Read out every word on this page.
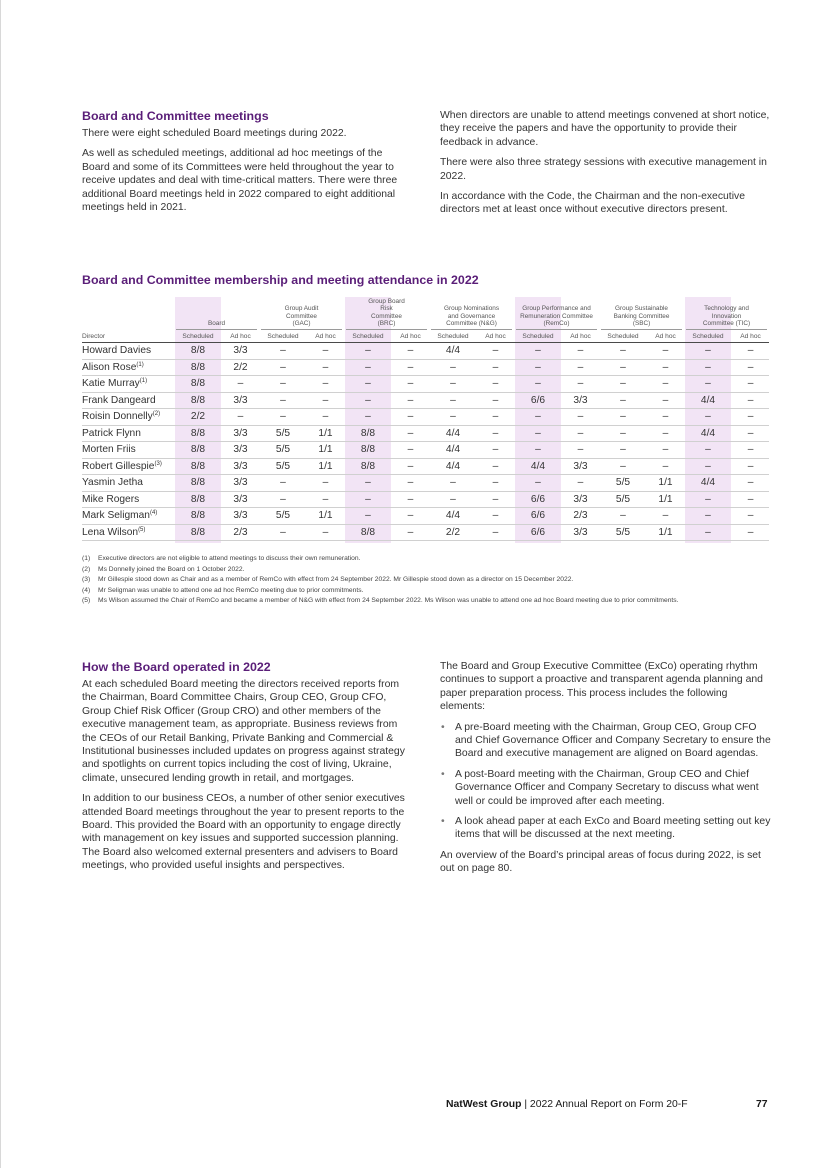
Board and Committee meetings

There were eight scheduled Board meetings during 2022.

As well as scheduled meetings, additional ad hoc meetings of the Board and some of its Committees were held throughout the year to receive updates and deal with time-critical matters. There were three additional Board meetings held in 2022 compared to eight additional meetings held in 2021.

When directors are unable to attend meetings convened at short notice, they receive the papers and have the opportunity to provide their feedback in advance.

There were also three strategy sessions with executive management in 2022.

In accordance with the Code, the Chairman and the non-executive directors met at least once without executive directors present.

Board and Committee membership and meeting attendance in 2022

	Board		Group Audit Committee (GAC)		Group Board Risk Committee (BRC)		Group Nominations and Governance Committee (N&G)		Group Performance and Remuneration Committee (RemCo)		Group Sustainable Banking Committee (SBC)		Technology and Innovation Committee (TIC)	

Director	Scheduled	Ad hoc	Scheduled	Ad hoc	Scheduled	Ad hoc	Scheduled	Ad hoc	Scheduled	Ad hoc	Scheduled	Ad hoc	Scheduled	Ad hoc
Howard Davies	8/8	3/3	–	–	–	–	4/4	–	–	–	–	–	–	–
Alison Rose$^{(1)}$	8/8	2/2	–	–	–	–	–	–	–	–	–	–	–	–
Katie Murray$^{(1)}$	8/8	–	–	–	–	–	–	–	–	–	–	–	–	–
Frank Dangeard	8/8	3/3	–	–	–	–	–	–	6/6	3/3	–	–	4/4	–
Roisin Donnelly$^{(2)}$	2/2	–	–	–	–	–	–	–	–	–	–	–	–	–
Patrick Flynn	8/8	3/3	5/5	1/1	8/8	–	4/4	–	–	–	–	–	4/4	–
Morten Friis	8/8	3/3	5/5	1/1	8/8	–	4/4	–	–	–	–	–	–	–
Robert Gillespie$^{(3)}$	8/8	3/3	5/5	1/1	8/8	–	4/4	–	4/4	3/3	–	–	–	–
Yasmin Jetha	8/8	3/3	–	–	–	–	–	–	–	–	5/5	1/1	4/4	–
Mike Rogers	8/8	3/3	–	–	–	–	–	–	6/6	3/3	5/5	1/1	–	–
Mark Seligman$^{(4)}$	8/8	3/3	5/5	1/1	–	–	4/4	–	6/6	2/3	–	–	–	–
Lena Wilson$^{(5)}$	8/8	2/3	–	–	8/8	–	2/2	–	6/6	3/3	5/5	1/1	–	–
(1)	Executive directors are not eligible to attend meetings to discuss their own remuneration.
(2)	Ms Donnelly joined the Board on 1 October 2022.
(3)	Mr Gillespie stood down as Chair and as a member of RemCo with effect from 24 September 2022. Mr Gillespie stood down as a director on 15 December 2022.
(4)	Mr Seligman was unable to attend one ad hoc RemCo meeting due to prior commitments.
(5)	Ms Wilson assumed the Chair of RemCo and became a member of N&G with effect from 24 September 2022. Ms Wilson was unable to attend one ad hoc Board meeting due to prior commitments.
How the Board operated in 2022

At each scheduled Board meeting the directors received reports from the Chairman, Board Committee Chairs, Group CEO, Group CFO, Group Chief Risk Officer (Group CRO) and other members of the executive management team, as appropriate. Business reviews from the CEOs of our Retail Banking, Private Banking and Commercial & Institutional businesses included updates on progress against strategy and spotlights on current topics including the cost of living, Ukraine, climate, unsecured lending growth in retail, and mortgages.

In addition to our business CEOs, a number of other senior executives attended Board meetings throughout the year to present reports to the Board. This provided the Board with an opportunity to engage directly with management on key issues and supported succession planning. The Board also welcomed external presenters and advisers to Board meetings, who provided useful insights and perspectives.

The Board and Group Executive Committee (ExCo) operating rhythm continues to support a proactive and transparent agenda planning and paper preparation process. This process includes the following elements:

• A pre-Board meeting with the Chairman, Group CEO, Group CFO and Chief Governance Officer and Company Secretary to ensure the Board and executive management are aligned on Board agendas.
• A post-Board meeting with the Chairman, Group CEO and Chief Governance Officer and Company Secretary to discuss what went well or could be improved after each meeting.
• A look ahead paper at each ExCo and Board meeting setting out key items that will be discussed at the next meeting.

An overview of the Board’s principal areas of focus during 2022, is set out on page 80.

NatWest Group | 2022 Annual Report on Form 20-F	77
